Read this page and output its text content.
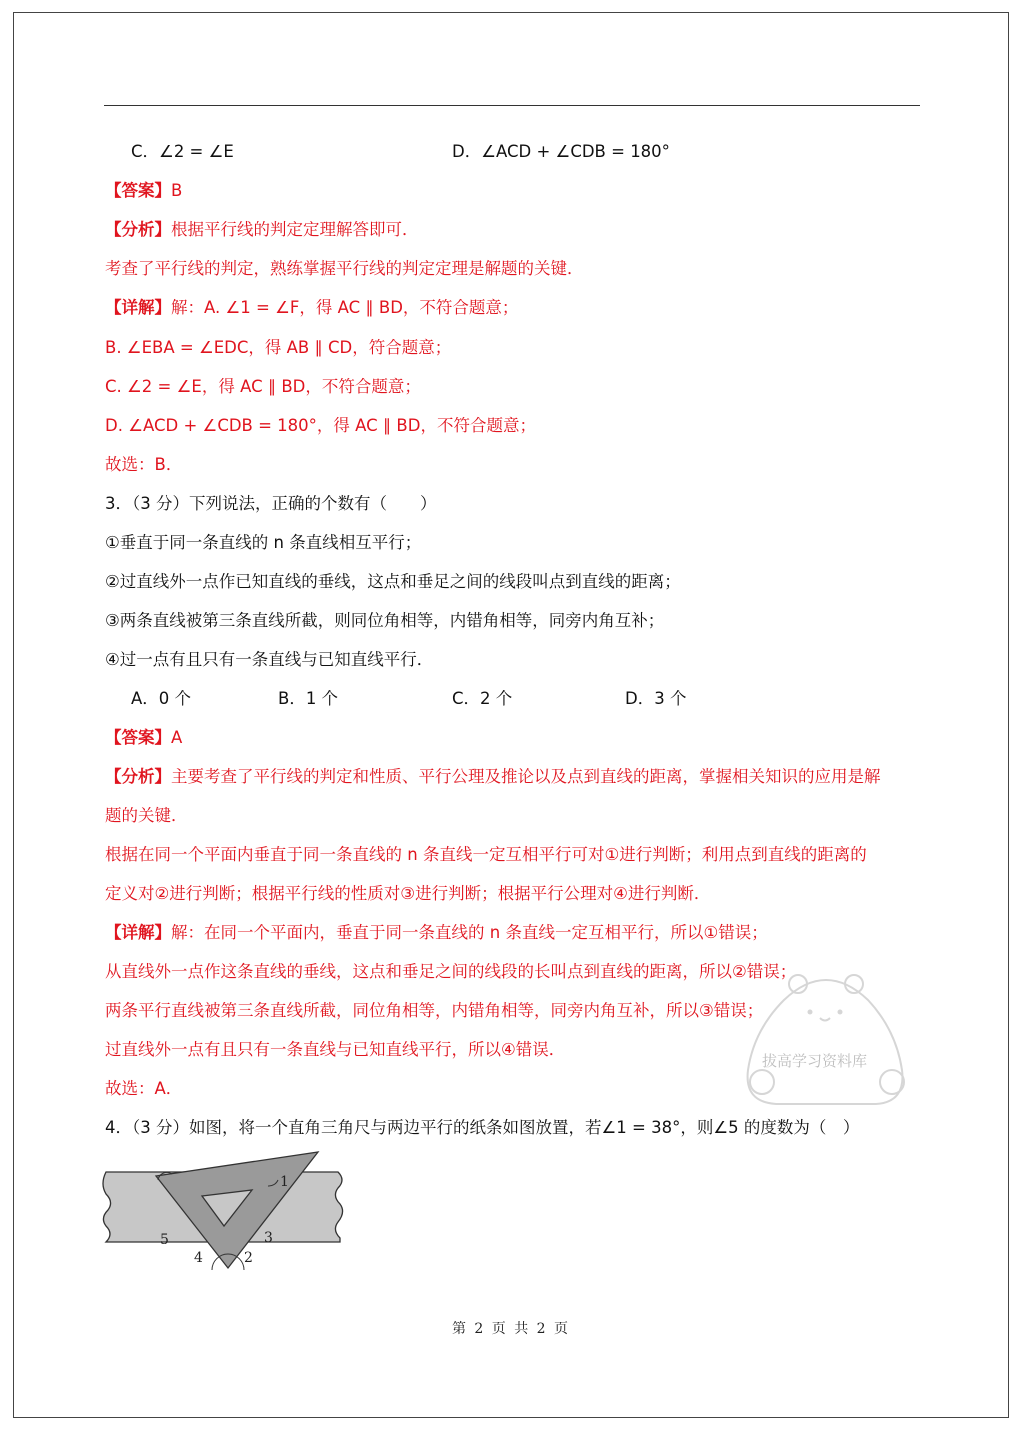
C．∠2 = ∠E	D．∠ACD + ∠CDB = 180°
【答案】B
【分析】根据平行线的判定定理解答即可．
考查了平行线的判定，熟练掌握平行线的判定定理是解题的关键．
【详解】解：A. ∠1 = ∠F，得 AC ∥ BD，不符合题意；
B. ∠EBA = ∠EDC，得 AB ∥ CD，符合题意；
C. ∠2 = ∠E，得 AC ∥ BD，不符合题意；
D. ∠ACD + ∠CDB = 180°，得 AC ∥ BD，不符合题意；
故选：B．
3．（3 分）下列说法，正确的个数有（　　）
①垂直于同一条直线的 n 条直线相互平行；
②过直线外一点作已知直线的垂线，这点和垂足之间的线段叫点到直线的距离；
③两条直线被第三条直线所截，则同位角相等，内错角相等，同旁内角互补；
④过一点有且只有一条直线与已知直线平行．
A．0 个	B．1 个	C．2 个	D．3 个
【答案】A
【分析】主要考查了平行线的判定和性质、平行公理及推论以及点到直线的距离，掌握相关知识的应用是解
题的关键．
根据在同一个平面内垂直于同一条直线的 n 条直线一定互相平行可对①进行判断；利用点到直线的距离的
定义对②进行判断；根据平行线的性质对③进行判断；根据平行公理对④进行判断．
【详解】解：在同一个平面内，垂直于同一条直线的 n 条直线一定互相平行，所以①错误；
从直线外一点作这条直线的垂线，这点和垂足之间的线段的长叫点到直线的距离，所以②错误；
两条平行直线被第三条直线所截，同位角相等，内错角相等，同旁内角互补，所以③错误；
过直线外一点有且只有一条直线与已知直线平行，所以④错误．
故选：A．
4．（3 分）如图，将一个直角三角尺与两边平行的纸条如图放置，若∠1 = 38°，则∠5 的度数为（　）
拔高学习资料库
1
2
3
4
5
第 2 页 共 2 页
